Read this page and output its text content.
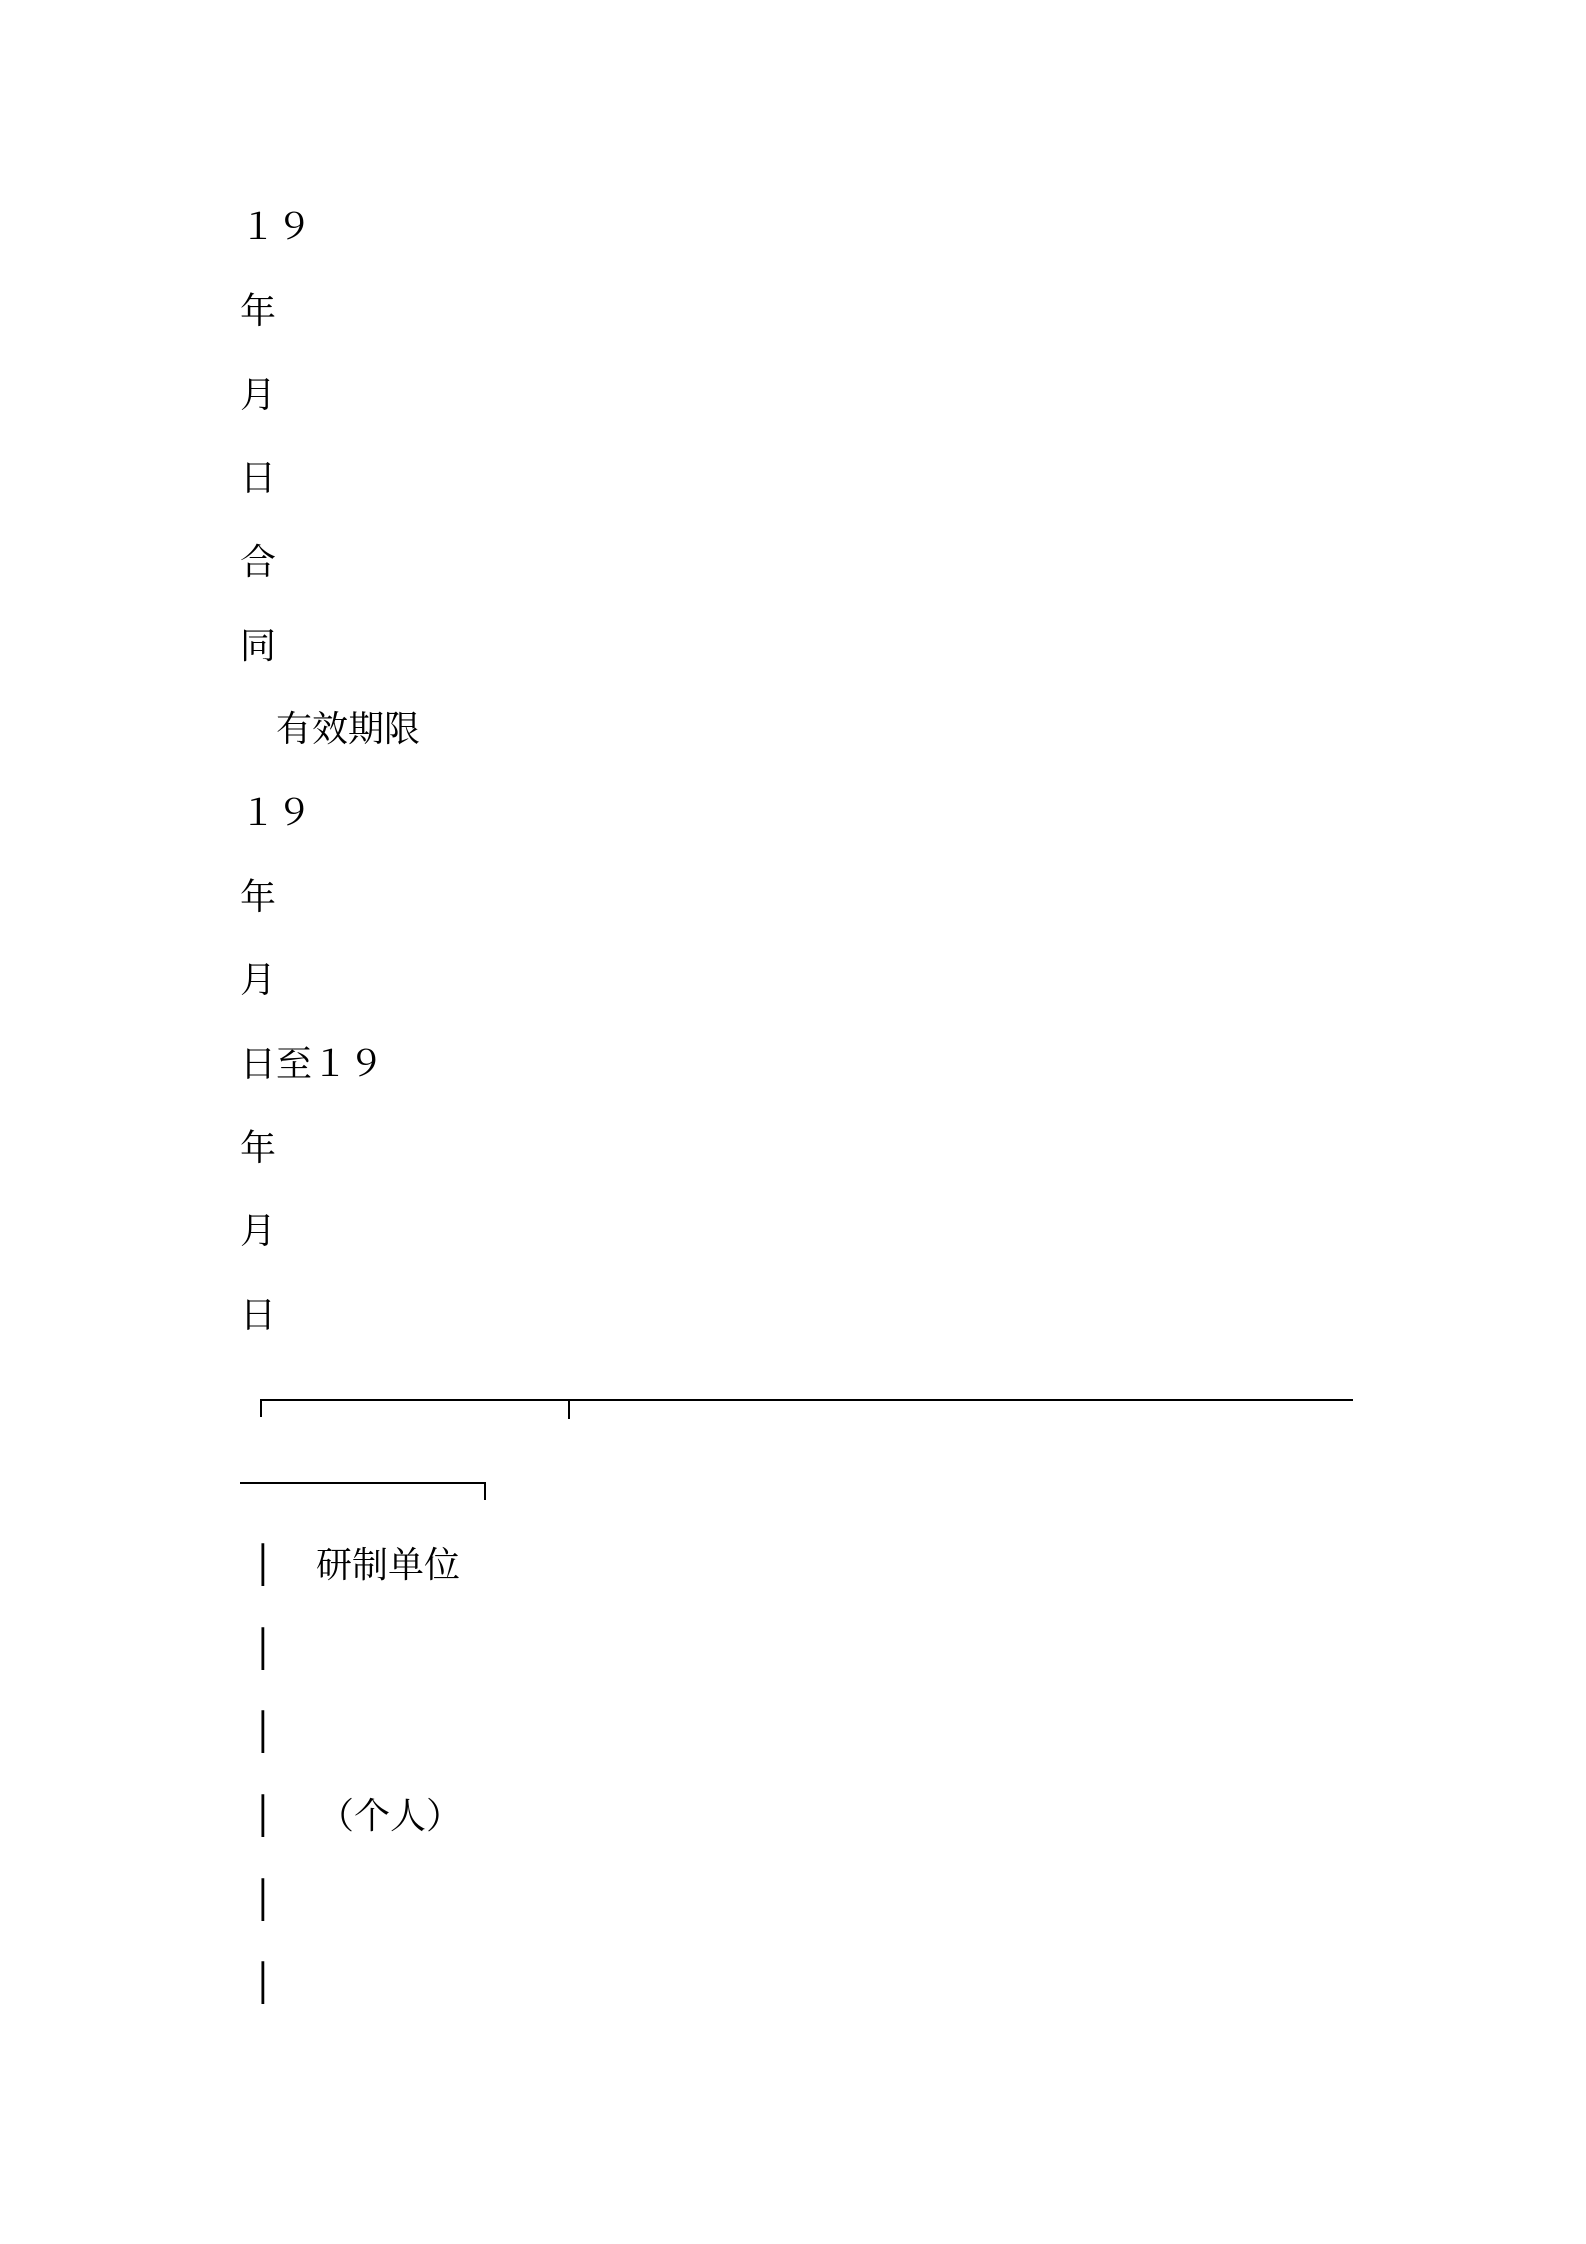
１９
年
月
日
合
同
　有效期限
１９
年
月
日至１９
年
月
日
│ 　研制单位
│
│
│ 　（个人）
│
│
